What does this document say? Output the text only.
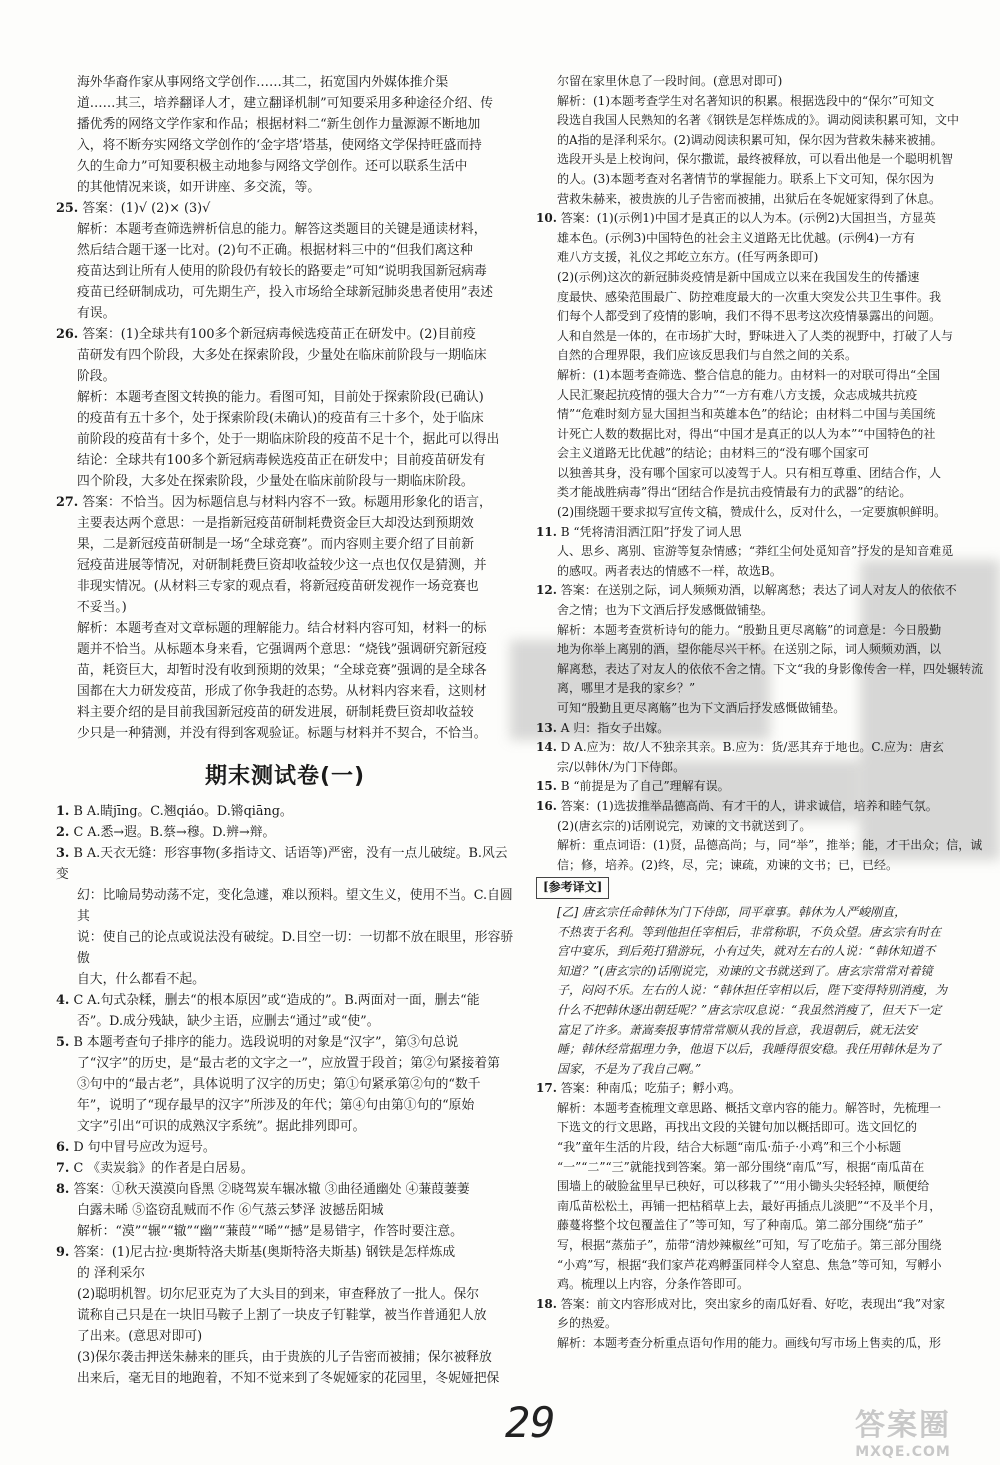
海外华裔作家从事网络文学创作……其二，拓宽国内外媒体推介渠

道……其三，培养翻译人才，建立翻译机制”可知要采用多种途径介绍、传

播优秀的网络文学作家和作品；根据材料二“新生创作力量源源不断地加

入，将不断夯实网络文学创作的‘金字塔’塔基，使网络文学保持旺盛而持

久的生命力”可知要积极主动地参与网络文学创作。还可以联系生活中

的其他情况来谈，如开讲座、多交流，等。

25. 答案：(1)√ (2)× (3)√

解析：本题考查筛选辨析信息的能力。解答这类题目的关键是通读材料，

然后结合题干逐一比对。(2)句不正确。根据材料三中的“但我们离这种

疫苗达到让所有人使用的阶段仍有较长的路要走”可知“说明我国新冠病毒

疫苗已经研制成功，可先期生产，投入市场给全球新冠肺炎患者使用”表述

有误。

26. 答案：(1)全球共有100多个新冠病毒候选疫苗正在研发中。(2)目前疫

苗研发有四个阶段，大多处在探索阶段，少量处在临床前阶段与一期临床

阶段。

解析：本题考查图文转换的能力。看图可知，目前处于探索阶段(已确认)

的疫苗有五十多个，处于探索阶段(未确认)的疫苗有三十多个，处于临床

前阶段的疫苗有十多个，处于一期临床阶段的疫苗不足十个，据此可以得出

结论：全球共有100多个新冠病毒候选疫苗正在研发中；目前疫苗研发有

四个阶段，大多处在探索阶段，少量处在临床前阶段与一期临床阶段。

27. 答案：不恰当。因为标题信息与材料内容不一致。标题用形象化的语言，

主要表达两个意思：一是指新冠疫苗研制耗费资金巨大却没达到预期效

果，二是新冠疫苗研制是一场“全球竞赛”。而内容则主要介绍了目前新

冠疫苗进展等情况，对研制耗费巨资却收益较少这一点也仅仅是猜测，并

非现实情况。(从材料三专家的观点看，将新冠疫苗研发视作一场竞赛也

不妥当。)

解析：本题考查对文章标题的理解能力。结合材料内容可知，材料一的标

题并不恰当。从标题本身来看，它强调两个意思：“烧钱”强调研究新冠疫

苗，耗资巨大，却暂时没有收到预期的效果；“全球竞赛”强调的是全球各

国都在大力研发疫苗，形成了你争我赶的态势。从材料内容来看，这则材

料主要介绍的是目前我国新冠疫苗的研发进展，研制耗费巨资却收益较

少只是一种猜测，并没有得到客观验证。标题与材料并不契合，不恰当。

期末测试卷(一)

1. B A.睛jīng。C.翘qiáo。D.锵qiāng。

2. C A.悉→遐。B.蔡→穆。D.辨→辩。

3. B A.天衣无缝：形容事物(多指诗文、话语等)严密，没有一点儿破绽。B.风云变

幻：比喻局势动荡不定，变化急遽，难以预料。望文生义，使用不当。C.自圆其

说：使自己的论点或说法没有破绽。D.目空一切：一切都不放在眼里，形容骄傲

自大，什么都看不起。

4. C A.句式杂糅，删去“的根本原因”或“造成的”。B.两面对一面，删去“能

否”。D.成分残缺，缺少主语，应删去“通过”或“使”。

5. B 本题考查句子排序的能力。选段说明的对象是“汉字”，第③句总说

了“汉字”的历史，是“最古老的文字之一”，应放置于段首；第②句紧接着第

③句中的“最古老”，具体说明了汉字的历史；第①句紧承第②句的“数千

年”，说明了“现存最早的汉字”所涉及的年代；第④句由第①句的“原始

文字”引出“可识的成熟汉字系统”。据此排列即可。

6. D 句中冒号应改为逗号。

7. C 《卖炭翁》的作者是白居易。

8. 答案：①秋天漠漠向昏黑 ②晓驾炭车辗冰辙 ③曲径通幽处 ④蒹葭萋萋

白露未晞 ⑤盗窃乱贼而不作 ⑥气蒸云梦泽 波撼岳阳城

解析：“漠”“辗”“辙”“幽”“蒹葭”“晞”“撼”是易错字，作答时要注意。

9. 答案：(1)尼古拉·奥斯特洛夫斯基(奥斯特洛夫斯基) 钢铁是怎样炼成

的 泽利采尔

(2)聪明机智。切尔尼亚克为了大头目的到来，审查释放了一批人。保尔

谎称自己只是在一块旧马鞍子上割了一块皮子钉鞋掌，被当作普通犯人放

了出来。(意思对即可)

(3)保尔袭击押送朱赫来的匪兵，由于贵族的儿子告密而被捕；保尔被释放

出来后，毫无目的地跑着，不知不觉来到了冬妮娅家的花园里，冬妮娅把保

尔留在家里休息了一段时间。(意思对即可)

解析：(1)本题考查学生对名著知识的积累。根据选段中的“保尔”可知文

段选自我国人民熟知的名著《钢铁是怎样炼成的》。调动阅读积累可知，文中

的A指的是泽利采尔。(2)调动阅读积累可知，保尔因为营救朱赫来被捕。

选段开头是上校询问，保尔撒谎，最终被释放，可以看出他是一个聪明机智

的人。(3)本题考查对名著情节的掌握能力。联系上下文可知，保尔因为

营救朱赫来，被贵族的儿子告密而被捕，出狱后在冬妮娅家得到了休息。

10. 答案：(1)(示例1)中国才是真正的以人为本。(示例2)大国担当，方显英

雄本色。(示例3)中国特色的社会主义道路无比优越。(示例4)一方有

难八方支援，礼仪之邦屹立东方。(任写两条即可)

(2)(示例)这次的新冠肺炎疫情是新中国成立以来在我国发生的传播速

度最快、感染范围最广、防控难度最大的一次重大突发公共卫生事件。我

们每个人都受到了疫情的影响，我们不得不思考这次疫情暴露出的问题。

人和自然是一体的，在市场扩大时，野味进入了人类的视野中，打破了人与

自然的合理界限，我们应该反思我们与自然之间的关系。

解析：(1)本题考查筛选、整合信息的能力。由材料一的对联可得出“全国

人民汇聚起抗疫情的强大合力”“一方有难八方支援，众志成城共抗疫

情”“危难时刻方显大国担当和英雄本色”的结论；由材料二中国与美国统

计死亡人数的数据比对，得出“中国才是真正的以人为本”“中国特色的社

会主义道路无比优越”的结论；由材料三的“没有哪个国家可

以独善其身，没有哪个国家可以凌驾于人。只有相互尊重、团结合作，人

类才能战胜病毒”得出“团结合作是抗击疫情最有力的武器”的结论。

(2)围绕题干要求拟写宣传文稿，赞成什么，反对什么，一定要旗帜鲜明。

11. B “凭将清泪洒江阳”抒发了词人思

人、思乡、离别、宦游等复杂情感；“莽红尘何处觅知音”抒发的是知音难觅

的感叹。两者表达的情感不一样，故选B。

12. 答案：在送别之际，词人频频劝酒，以解离愁；表达了词人对友人的依依不

舍之情；也为下文酒后抒发感慨做铺垫。

解析：本题考查赏析诗句的能力。“殷勤且更尽离觞”的词意是：今日殷勤

地为你举上离别的酒，望你能尽兴干杯。在送别之际，词人频频劝酒，以

解离愁，表达了对友人的依依不舍之情。下文“我的身影像传舍一样，四处辗转流离，哪里才是我的家乡？”

可知“殷勤且更尽离觞”也为下文酒后抒发感慨做铺垫。

13. A 归：指女子出嫁。

14. D A.应为：故/人不独亲其亲。B.应为：货/恶其弃于地也。C.应为：唐玄

宗/以韩休/为门下侍郎。

15. B “前提是为了自己”理解有误。

16. 答案：(1)选拔推举品德高尚、有才干的人，讲求诚信，培养和睦气氛。

(2)(唐玄宗的)话刚说完，劝谏的文书就送到了。

解析：重点词语：(1)贤，品德高尚；与，同“举”，推举；能，才干出众；信，诚

信；修，培养。(2)终，尽，完；谏疏，劝谏的文书；已，已经。

[参考译文]

[乙] 唐玄宗任命韩休为门下侍郎，同平章事。韩休为人严峻刚直，

不热衷于名利。等到他担任宰相后，非常称职，不负众望。唐玄宗有时在

宫中宴乐，到后苑打猎游玩，小有过失，就对左右的人说：“韩休知道不

知道？”(唐玄宗的)话刚说完，劝谏的文书就送到了。唐玄宗常常对着镜

子，闷闷不乐。左右的人说：“韩休担任宰相以后，陛下变得特别消瘦，为

什么不把韩休逐出朝廷呢？”唐玄宗叹息说：“我虽然消瘦了，但天下一定

富足了许多。萧嵩奏报事情常常顺从我的旨意，我退朝后，就无法安

睡；韩休经常据理力争，他退下以后，我睡得很安稳。我任用韩休是为了

国家，不是为了我自己啊。”

17. 答案：种南瓜；吃茄子；孵小鸡。

解析：本题考查梳理文章思路、概括文章内容的能力。解答时，先梳理一

下选文的行文思路，再找出文段的关键句加以概括即可。选文回忆的

“我”童年生活的片段，结合大标题“南瓜·茄子·小鸡”和三个小标题

“一”“二”“三”就能找到答案。第一部分围绕“南瓜”写，根据“南瓜苗在

围墙上的破脸盆里早已秧好，可以移栽了”“用小锄头尖轻轻掉，顺便给

南瓜苗松松土，再铺一把枯稻草上去，最好再插点儿淡肥”“不及半个月，

藤蔓将整个坟包覆盖住了”等可知，写了种南瓜。第二部分围绕“茄子”

写，根据“蒸茄子”，茄带“清炒辣椒丝”可知，写了吃茄子。第三部分围绕

“小鸡”写，根据“我们家芦花鸡孵蛋同样令人窒息、焦急”等可知，写孵小

鸡。梳理以上内容，分条作答即可。

18. 答案：前文内容形成对比，突出家乡的南瓜好看、好吃，表现出“我”对家

乡的热爱。

解析：本题考查分析重点语句作用的能力。画线句写市场上售卖的瓜，形

29	答案圈
MXQE.COM
